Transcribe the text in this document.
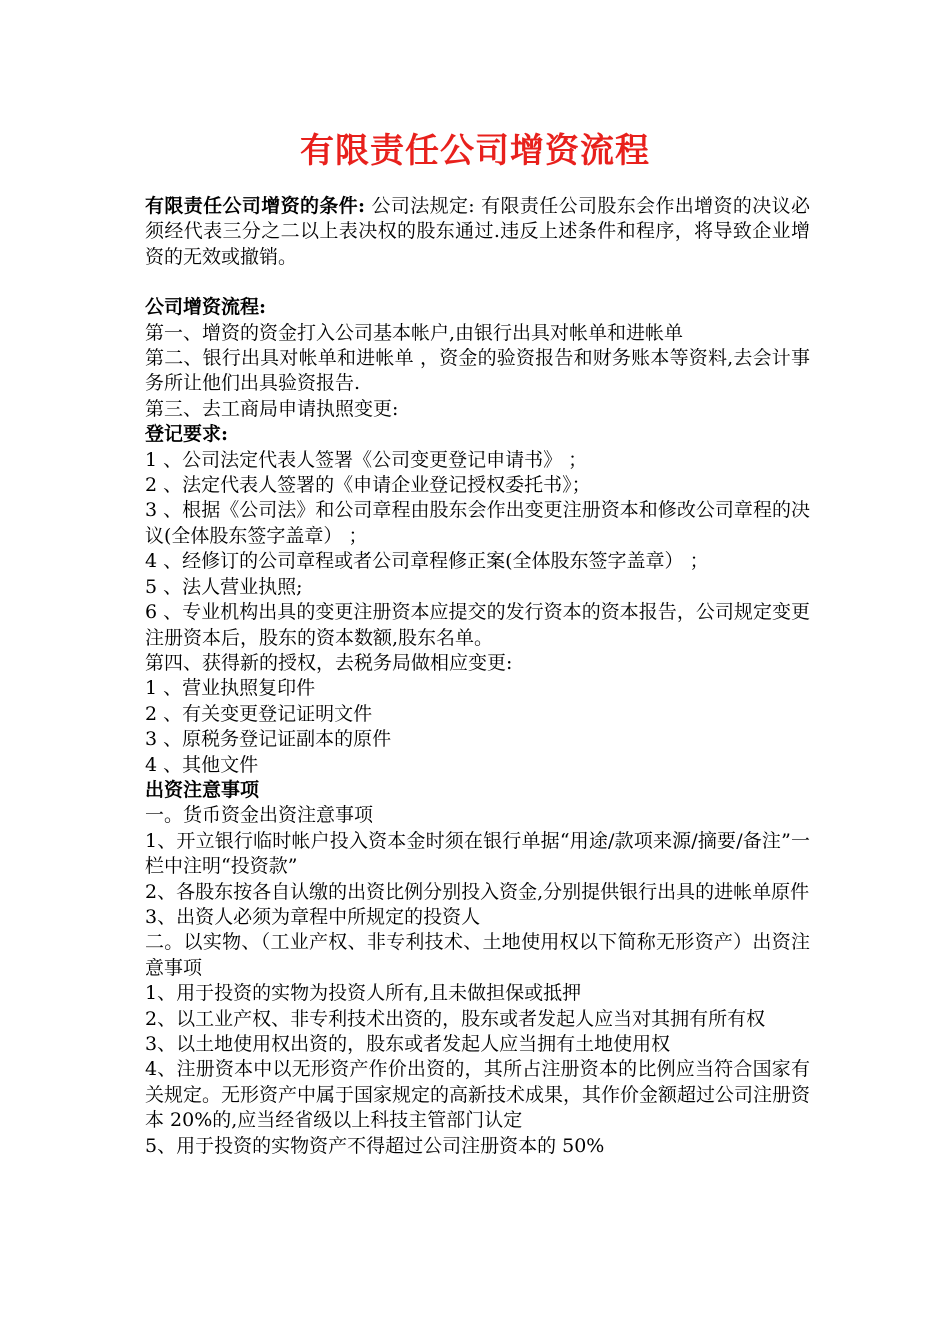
有限责任公司增资流程

有限责任公司增资的条件: 公司法规定: 有限责任公司股东会作出增资的决议必须经代表三分之二以上表决权的股东通过.违反上述条件和程序，将导致企业增资的无效或撤销。

公司增资流程:

第一、增资的资金打入公司基本帐户,由银行出具对帐单和进帐单

第二、银行出具对帐单和进帐单 ，资金的验资报告和财务账本等资料,去会计事务所让他们出具验资报告.

第三、去工商局申请执照变更:

登记要求:

1 、公司法定代表人签署《公司变更登记申请书》 ；

2 、法定代表人签署的《申请企业登记授权委托书》；

3 、根据《公司法》和公司章程由股东会作出变更注册资本和修改公司章程的决议(全体股东签字盖章） ；

4 、经修订的公司章程或者公司章程修正案(全体股东签字盖章） ；

5 、法人营业执照;

6 、专业机构出具的变更注册资本应提交的发行资本的资本报告，公司规定变更注册资本后，股东的资本数额,股东名单。

第四、获得新的授权，去税务局做相应变更:

1 、营业执照复印件

2 、有关变更登记证明文件

3 、原税务登记证副本的原件

4 、其他文件

出资注意事项

一。货币资金出资注意事项

1、开立银行临时帐户投入资本金时须在银行单据“用途/款项来源/摘要/备注”一栏中注明“投资款”

2、各股东按各自认缴的出资比例分别投入资金,分别提供银行出具的进帐单原件

3、出资人必须为章程中所规定的投资人

二。以实物、（工业产权、非专利技术、土地使用权以下简称无形资产）出资注意事项

1、用于投资的实物为投资人所有,且未做担保或抵押

2、以工业产权、非专利技术出资的，股东或者发起人应当对其拥有所有权

3、以土地使用权出资的，股东或者发起人应当拥有土地使用权

4、注册资本中以无形资产作价出资的，其所占注册资本的比例应当符合国家有关规定。无形资产中属于国家规定的高新技术成果，其作价金额超过公司注册资本 20%的,应当经省级以上科技主管部门认定

5、用于投资的实物资产不得超过公司注册资本的 50%
